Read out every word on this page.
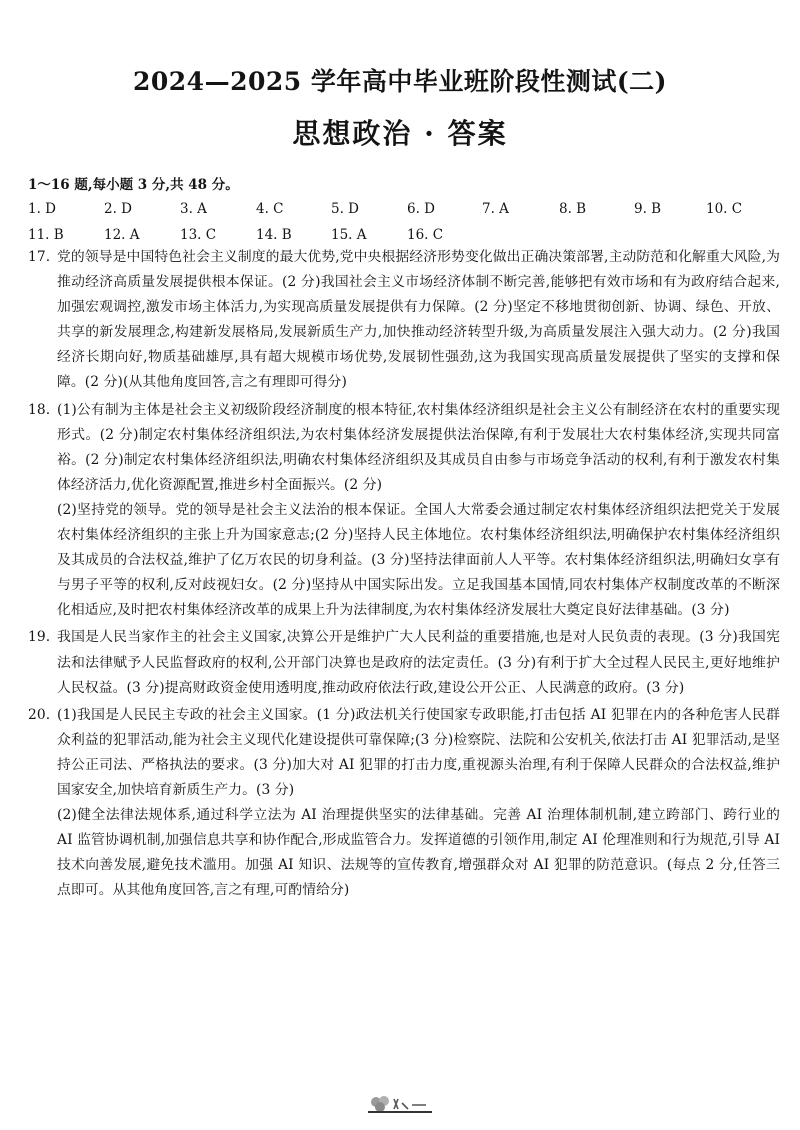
2024—2025 学年高中毕业班阶段性测试(二)
思想政治 · 答案
1～16 题,每小题 3 分,共 48 分。
1. D	2. D	3. A	4. C	5. D	6. D	7. A	8. B	9. B	10. C
11. B	12. A	13. C	14. B	15. A	16. C
17. 党的领导是中国特色社会主义制度的最大优势,党中央根据经济形势变化做出正确决策部署,主动防范和化解重大风险,为推动经济高质量发展提供根本保证。(2 分)我国社会主义市场经济体制不断完善,能够把有效市场和有为政府结合起来,加强宏观调控,激发市场主体活力,为实现高质量发展提供有力保障。(2 分)坚定不移地贯彻创新、协调、绿色、开放、共享的新发展理念,构建新发展格局,发展新质生产力,加快推动经济转型升级,为高质量发展注入强大动力。(2 分)我国经济长期向好,物质基础雄厚,具有超大规模市场优势,发展韧性强劲,这为我国实现高质量发展提供了坚实的支撑和保障。(2 分)(从其他角度回答,言之有理即可得分)

18. (1)公有制为主体是社会主义初级阶段经济制度的根本特征,农村集体经济组织是社会主义公有制经济在农村的重要实现形式。(2 分)制定农村集体经济组织法,为农村集体经济发展提供法治保障,有利于发展壮大农村集体经济,实现共同富裕。(2 分)制定农村集体经济组织法,明确农村集体经济组织及其成员自由参与市场竞争活动的权利,有利于激发农村集体经济活力,优化资源配置,推进乡村全面振兴。(2 分)

(2)坚持党的领导。党的领导是社会主义法治的根本保证。全国人大常委会通过制定农村集体经济组织法把党关于发展农村集体经济组织的主张上升为国家意志;(2 分)坚持人民主体地位。农村集体经济组织法,明确保护农村集体经济组织及其成员的合法权益,维护了亿万农民的切身利益。(3 分)坚持法律面前人人平等。农村集体经济组织法,明确妇女享有与男子平等的权利,反对歧视妇女。(2 分)坚持从中国实际出发。立足我国基本国情,同农村集体产权制度改革的不断深化相适应,及时把农村集体经济改革的成果上升为法律制度,为农村集体经济发展壮大奠定良好法律基础。(3 分)

19. 我国是人民当家作主的社会主义国家,决算公开是维护广大人民利益的重要措施,也是对人民负责的表现。(3 分)我国宪法和法律赋予人民监督政府的权利,公开部门决算也是政府的法定责任。(3 分)有利于扩大全过程人民民主,更好地维护人民权益。(3 分)提高财政资金使用透明度,推动政府依法行政,建设公开公正、人民满意的政府。(3 分)

20. (1)我国是人民民主专政的社会主义国家。(1 分)政法机关行使国家专政职能,打击包括 AI 犯罪在内的各种危害人民群众利益的犯罪活动,能为社会主义现代化建设提供可靠保障;(3 分)检察院、法院和公安机关,依法打击 AI 犯罪活动,是坚持公正司法、严格执法的要求。(3 分)加大对 AI 犯罪的打击力度,重视源头治理,有利于保障人民群众的合法权益,维护国家安全,加快培育新质生产力。(3 分)

(2)健全法律法规体系,通过科学立法为 AI 治理提供坚实的法律基础。完善 AI 治理体制机制,建立跨部门、跨行业的 AI 监管协调机制,加强信息共享和协作配合,形成监管合力。发挥道德的引领作用,制定 AI 伦理准则和行为规范,引导 AI 技术向善发展,避免技术滥用。加强 AI 知识、法规等的宣传教育,增强群众对 AI 犯罪的防范意识。(每点 2 分,任答三点即可。从其他角度回答,言之有理,可酌情给分)
